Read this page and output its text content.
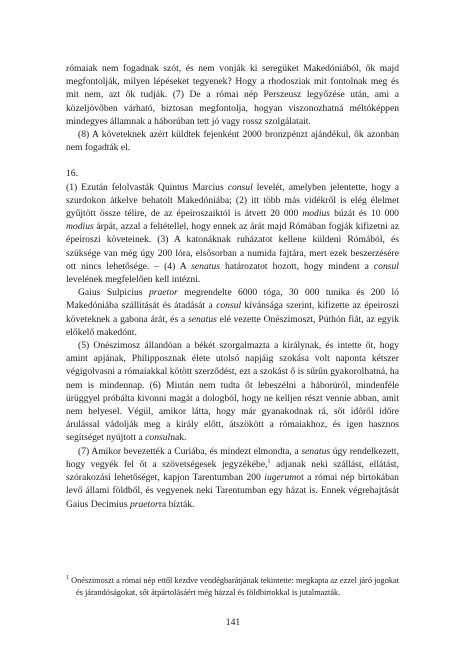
rómaiak nem fogadnak szót, és nem vonják ki seregüket Makedóniából, ők majd megfontolják, milyen lépéseket tegyenek? Hogy a rhodosziak mit fontolnak meg és mit nem, azt ők tudják. (7) De a római nép Perszeusz legyőzése után, ami a közeljövőben várható, biztosan megfontolja, hogyan viszonozhatná méltóképpen mindegyes államnak a háborúban tett jó vagy rossz szolgálatait.

(8) A követeknek azért küldtek fejenként 2000 bronzpénzt ajándékul, ők azonban nem fogadták el.

16.

(1) Ezután felolvasták Quintus Marcius consul levelét, amelyben jelentette, hogy a szurdokon átkelve behatolt Makedóniába; (2) itt több más vidékről is elég élelmet gyűjtött össze télire, de az épeiroszaiktól is átvett 20 000 modius búzát és 10 000 modius árpát, azzal a feltétellel, hogy ennek az árát majd Rómában fogják kifizetni az épeiroszi követeinek. (3) A katonáknak ruházatot kellene küldeni Rómából, és szüksége van még úgy 200 lóra, elsősorban a numida fajtára, mert ezek beszerzésére ott nincs lehetősége. – (4) A senatus határozatot hozott, hogy mindent a consul levelének megfelelően kell intézni.

Gaius Sulpicius praetor megrendelte 6000 tóga, 30 000 tunika és 200 ló Makedóniába szállítását és átadását a consul kívánsága szerint, kifizette az épeiroszi követeknek a gabona árát, és a senatus elé vezette Onészimoszt, Púthón fiát, az egyik előkelő makedónt.

(5) Onészimosz állandóan a békét szorgalmazta a királynak, és intette őt, hogy amint apjának, Philipposznak élete utolsó napjáig szokása volt naponta kétszer végigolvasni a rómaiakkal kötött szerződést, ezt a szokást ő is sűrűn gyakorolhatná, ha nem is mindennap. (6) Miután nem tudta őt lebeszélni a háborúról, mindenféle ürüggyel próbálta kivonni magát a dologból, hogy ne kelljen részt vennie abban, amit nem helyesel. Végül, amikor látta, hogy már gyanakodnak rá, sőt időről időre árulással vádolják meg a király előtt, átszökött a rómaiakhoz, és igen hasznos segítséget nyújtott a consulnak.

(7) Amikor bevezették a Curiába, és mindezt elmondta, a senatus úgy rendelkezett, hogy vegyék fel őt a szövetségesek jegyzékébe,$^1$ adjanak neki szállást, ellátást, szórakozási lehetőséget, kapjon Tarentumban 200 iugerumot a római nép birtokában levő állami földből, és vegyenek neki Tarentumban egy házat is. Ennek végrehajtását Gaius Decimius praetorra bízták.

$^1$ Onészimoszt a római nép ettől kezdve vendégbarátjának tekintette: megkapta az ezzel járó jogokat és járandóságokat, sőt átpártolásáért még házzal és földbirtokkal is jutalmazták.
141
